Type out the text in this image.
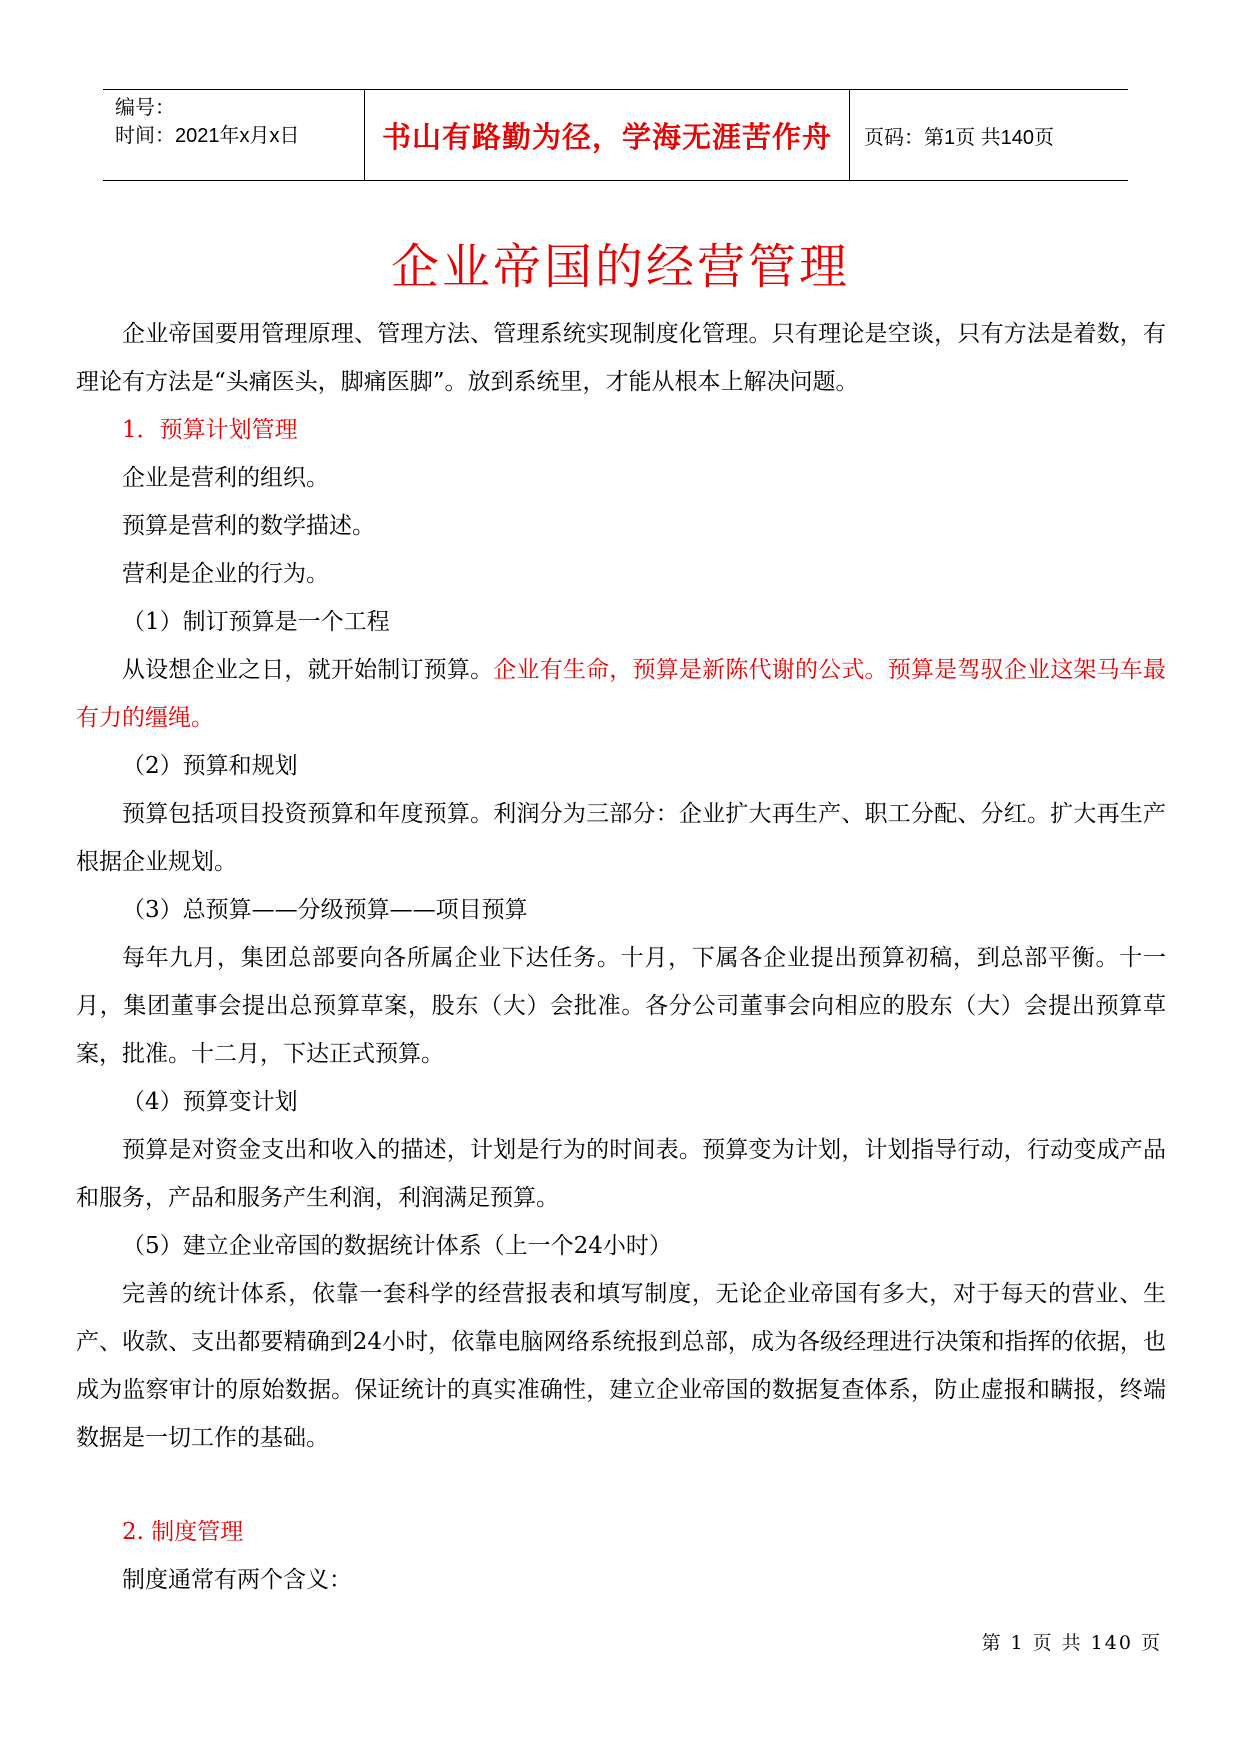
编号：
时间：2021年x月x日	书山有路勤为径，学海无涯苦作舟 页码：第1页 共140页
企业帝国的经营管理

企业帝国要用管理原理、管理方法、管理系统实现制度化管理。只有理论是空谈，只有方法是着数，有理论有方法是“头痛医头，脚痛医脚”。放到系统里，才能从根本上解决问题。

1．预算计划管理

企业是营利的组织。

预算是营利的数学描述。

营利是企业的行为。

（1）制订预算是一个工程

从设想企业之日，就开始制订预算。企业有生命，预算是新陈代谢的公式。预算是驾驭企业这架马车最有力的缰绳。

（2）预算和规划

预算包括项目投资预算和年度预算。利润分为三部分：企业扩大再生产、职工分配、分红。扩大再生产根据企业规划。

（3）总预算——分级预算——项目预算

每年九月，集团总部要向各所属企业下达任务。十月，下属各企业提出预算初稿，到总部平衡。十一月，集团董事会提出总预算草案，股东（大）会批准。各分公司董事会向相应的股东（大）会提出预算草案，批准。十二月，下达正式预算。

（4）预算变计划

预算是对资金支出和收入的描述，计划是行为的时间表。预算变为计划，计划指导行动，行动变成产品和服务，产品和服务产生利润，利润满足预算。

（5）建立企业帝国的数据统计体系（上一个24小时）

完善的统计体系，依靠一套科学的经营报表和填写制度，无论企业帝国有多大，对于每天的营业、生产、收款、支出都要精确到24小时，依靠电脑网络系统报到总部，成为各级经理进行决策和指挥的依据，也成为监察审计的原始数据。保证统计的真实准确性，建立企业帝国的数据复查体系，防止虚报和瞒报，终端数据是一切工作的基础。

2. 制度管理

制度通常有两个含义：

第 1 页 共 140 页
